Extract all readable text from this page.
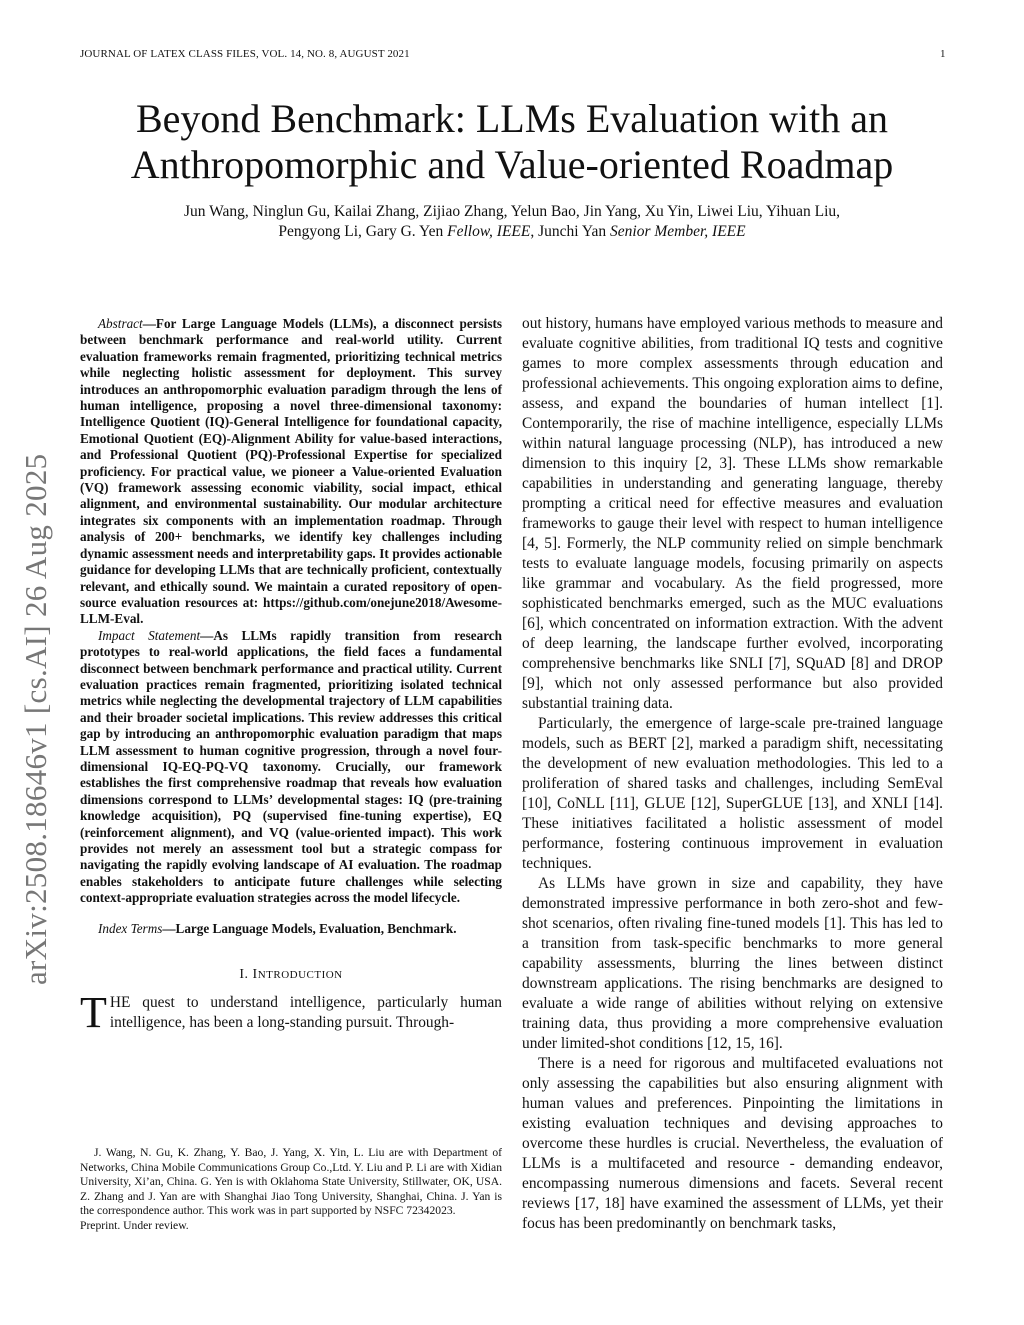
JOURNAL OF LATEX CLASS FILES, VOL. 14, NO. 8, AUGUST 2021	1
Beyond Benchmark: LLMs Evaluation with an
Anthropomorphic and Value-oriented Roadmap
Jun Wang, Ninglun Gu, Kailai Zhang, Zijiao Zhang, Yelun Bao, Jin Yang, Xu Yin, Liwei Liu, Yihuan Liu,
Pengyong Li, Gary G. Yen Fellow, IEEE, Junchi Yan Senior Member, IEEE
arXiv:2508.18646v1 [cs.AI] 26 Aug 2025

Abstract—For Large Language Models (LLMs), a disconnect persists between benchmark performance and real-world utility. Current evaluation frameworks remain fragmented, prioritizing technical metrics while neglecting holistic assessment for deployment. This survey introduces an anthropomorphic evaluation paradigm through the lens of human intelligence, proposing a novel three-dimensional taxonomy: Intelligence Quotient (IQ)-General Intelligence for foundational capacity, Emotional Quotient (EQ)-Alignment Ability for value-based interactions, and Professional Quotient (PQ)-Professional Expertise for specialized proficiency. For practical value, we pioneer a Value-oriented Evaluation (VQ) framework assessing economic viability, social impact, ethical alignment, and environmental sustainability. Our modular architecture integrates six components with an implementation roadmap. Through analysis of 200+ benchmarks, we identify key challenges including dynamic assessment needs and interpretability gaps. It provides actionable guidance for developing LLMs that are technically proficient, contextually relevant, and ethically sound. We maintain a curated repository of open-source evaluation resources at: https://github.com/onejune2018/Awesome-LLM-Eval.

Impact Statement—As LLMs rapidly transition from research prototypes to real-world applications, the field faces a fundamental disconnect between benchmark performance and practical utility. Current evaluation practices remain fragmented, prioritizing isolated technical metrics while neglecting the developmental trajectory of LLM capabilities and their broader societal implications. This review addresses this critical gap by introducing an anthropomorphic evaluation paradigm that maps LLM assessment to human cognitive progression, through a novel four-dimensional IQ-EQ-PQ-VQ taxonomy. Crucially, our framework establishes the first comprehensive roadmap that reveals how evaluation dimensions correspond to LLMs’ developmental stages: IQ (pre-training knowledge acquisition), PQ (supervised fine-tuning expertise), EQ (reinforcement alignment), and VQ (value-oriented impact). This work provides not merely an assessment tool but a strategic compass for navigating the rapidly evolving landscape of AI evaluation. The roadmap enables stakeholders to anticipate future challenges while selecting context-appropriate evaluation strategies across the model lifecycle.

Index Terms—Large Language Models, Evaluation, Benchmark.

I. INTRODUCTION

THE quest to understand intelligence, particularly human intelligence, has been a long-standing pursuit. Through-

J. Wang, N. Gu, K. Zhang, Y. Bao, J. Yang, X. Yin, L. Liu are with Department of Networks, China Mobile Communications Group Co.,Ltd. Y. Liu and P. Li are with Xidian University, Xi’an, China. G. Yen is with Oklahoma State University, Stillwater, OK, USA. Z. Zhang and J. Yan are with Shanghai Jiao Tong University, Shanghai, China. J. Yan is the correspondence author. This work was in part supported by NSFC 72342023.

Preprint. Under review.

out history, humans have employed various methods to measure and evaluate cognitive abilities, from traditional IQ tests and cognitive games to more complex assessments through education and professional achievements. This ongoing exploration aims to define, assess, and expand the boundaries of human intellect [1]. Contemporarily, the rise of machine intelligence, especially LLMs within natural language processing (NLP), has introduced a new dimension to this inquiry [2, 3]. These LLMs show remarkable capabilities in understanding and generating language, thereby prompting a critical need for effective measures and evaluation frameworks to gauge their level with respect to human intelligence [4, 5]. Formerly, the NLP community relied on simple benchmark tests to evaluate language models, focusing primarily on aspects like grammar and vocabulary. As the field progressed, more sophisticated benchmarks emerged, such as the MUC evaluations [6], which concentrated on information extraction. With the advent of deep learning, the landscape further evolved, incorporating comprehensive benchmarks like SNLI [7], SQuAD [8] and DROP [9], which not only assessed performance but also provided substantial training data.

Particularly, the emergence of large-scale pre-trained language models, such as BERT [2], marked a paradigm shift, necessitating the development of new evaluation methodologies. This led to a proliferation of shared tasks and challenges, including SemEval [10], CoNLL [11], GLUE [12], SuperGLUE [13], and XNLI [14]. These initiatives facilitated a holistic assessment of model performance, fostering continuous improvement in evaluation techniques.

As LLMs have grown in size and capability, they have demonstrated impressive performance in both zero-shot and few-shot scenarios, often rivaling fine-tuned models [1]. This has led to a transition from task-specific benchmarks to more general capability assessments, blurring the lines between distinct downstream applications. The rising benchmarks are designed to evaluate a wide range of abilities without relying on extensive training data, thus providing a more comprehensive evaluation under limited-shot conditions [12, 15, 16].

There is a need for rigorous and multifaceted evaluations not only assessing the capabilities but also ensuring alignment with human values and preferences. Pinpointing the limitations in existing evaluation techniques and devising approaches to overcome these hurdles is crucial. Nevertheless, the evaluation of LLMs is a multifaceted and resource - demanding endeavor, encompassing numerous dimensions and facets. Several recent reviews [17, 18] have examined the assessment of LLMs, yet their focus has been predominantly on benchmark tasks,
